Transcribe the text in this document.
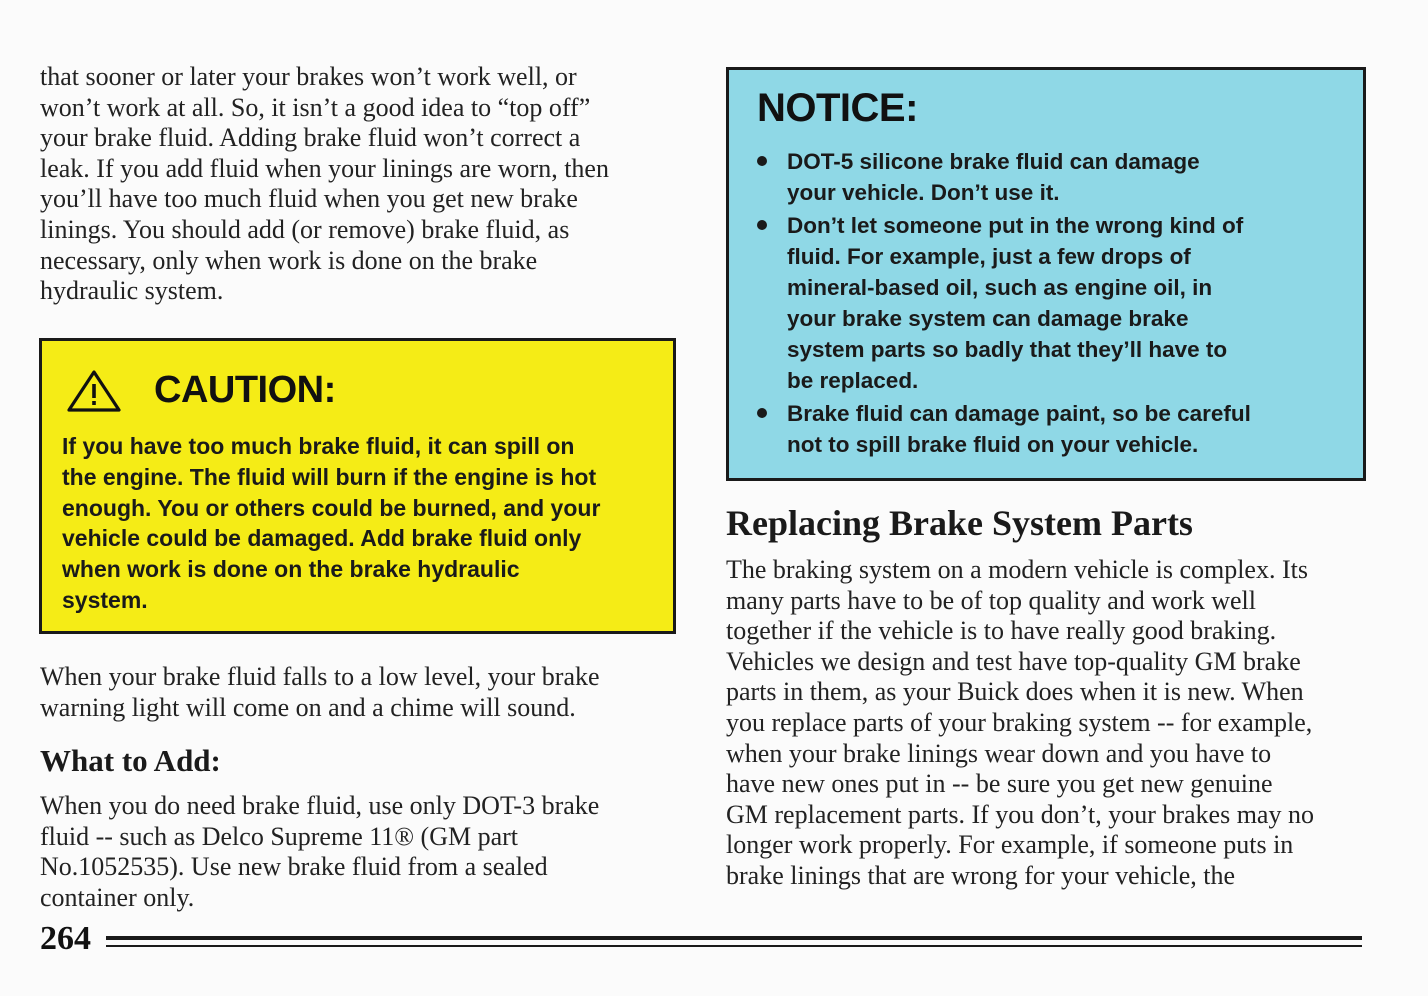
that sooner or later your brakes won’t work well, or
won’t work at all. So, it isn’t a good idea to “top off”
your brake fluid. Adding brake fluid won’t correct a
leak. If you add fluid when your linings are worn, then
you’ll have too much fluid when you get new brake
linings. You should add (or remove) brake fluid, as
necessary, only when work is done on the brake
hydraulic system.

CAUTION:

If you have too much brake fluid, it can spill on
the engine. The fluid will burn if the engine is hot
enough. You or others could be burned, and your
vehicle could be damaged. Add brake fluid only
when work is done on the brake hydraulic
system.

When your brake fluid falls to a low level, your brake
warning light will come on and a chime will sound.

What to Add:

When you do need brake fluid, use only DOT-3 brake
fluid -- such as Delco Supreme 11® (GM part
No.1052535). Use new brake fluid from a sealed
container only.

NOTICE:
DOT-5 silicone brake fluid can damage
your vehicle. Don’t use it.
Don’t let someone put in the wrong kind of
fluid. For example, just a few drops of
mineral-based oil, such as engine oil, in
your brake system can damage brake
system parts so badly that they’ll have to
be replaced.
Brake fluid can damage paint, so be careful
not to spill brake fluid on your vehicle.
Replacing Brake System Parts

The braking system on a modern vehicle is complex. Its
many parts have to be of top quality and work well
together if the vehicle is to have really good braking.
Vehicles we design and test have top-quality GM brake
parts in them, as your Buick does when it is new. When
you replace parts of your braking system -- for example,
when your brake linings wear down and you have to
have new ones put in -- be sure you get new genuine
GM replacement parts. If you don’t, your brakes may no
longer work properly. For example, if someone puts in
brake linings that are wrong for your vehicle, the

264
